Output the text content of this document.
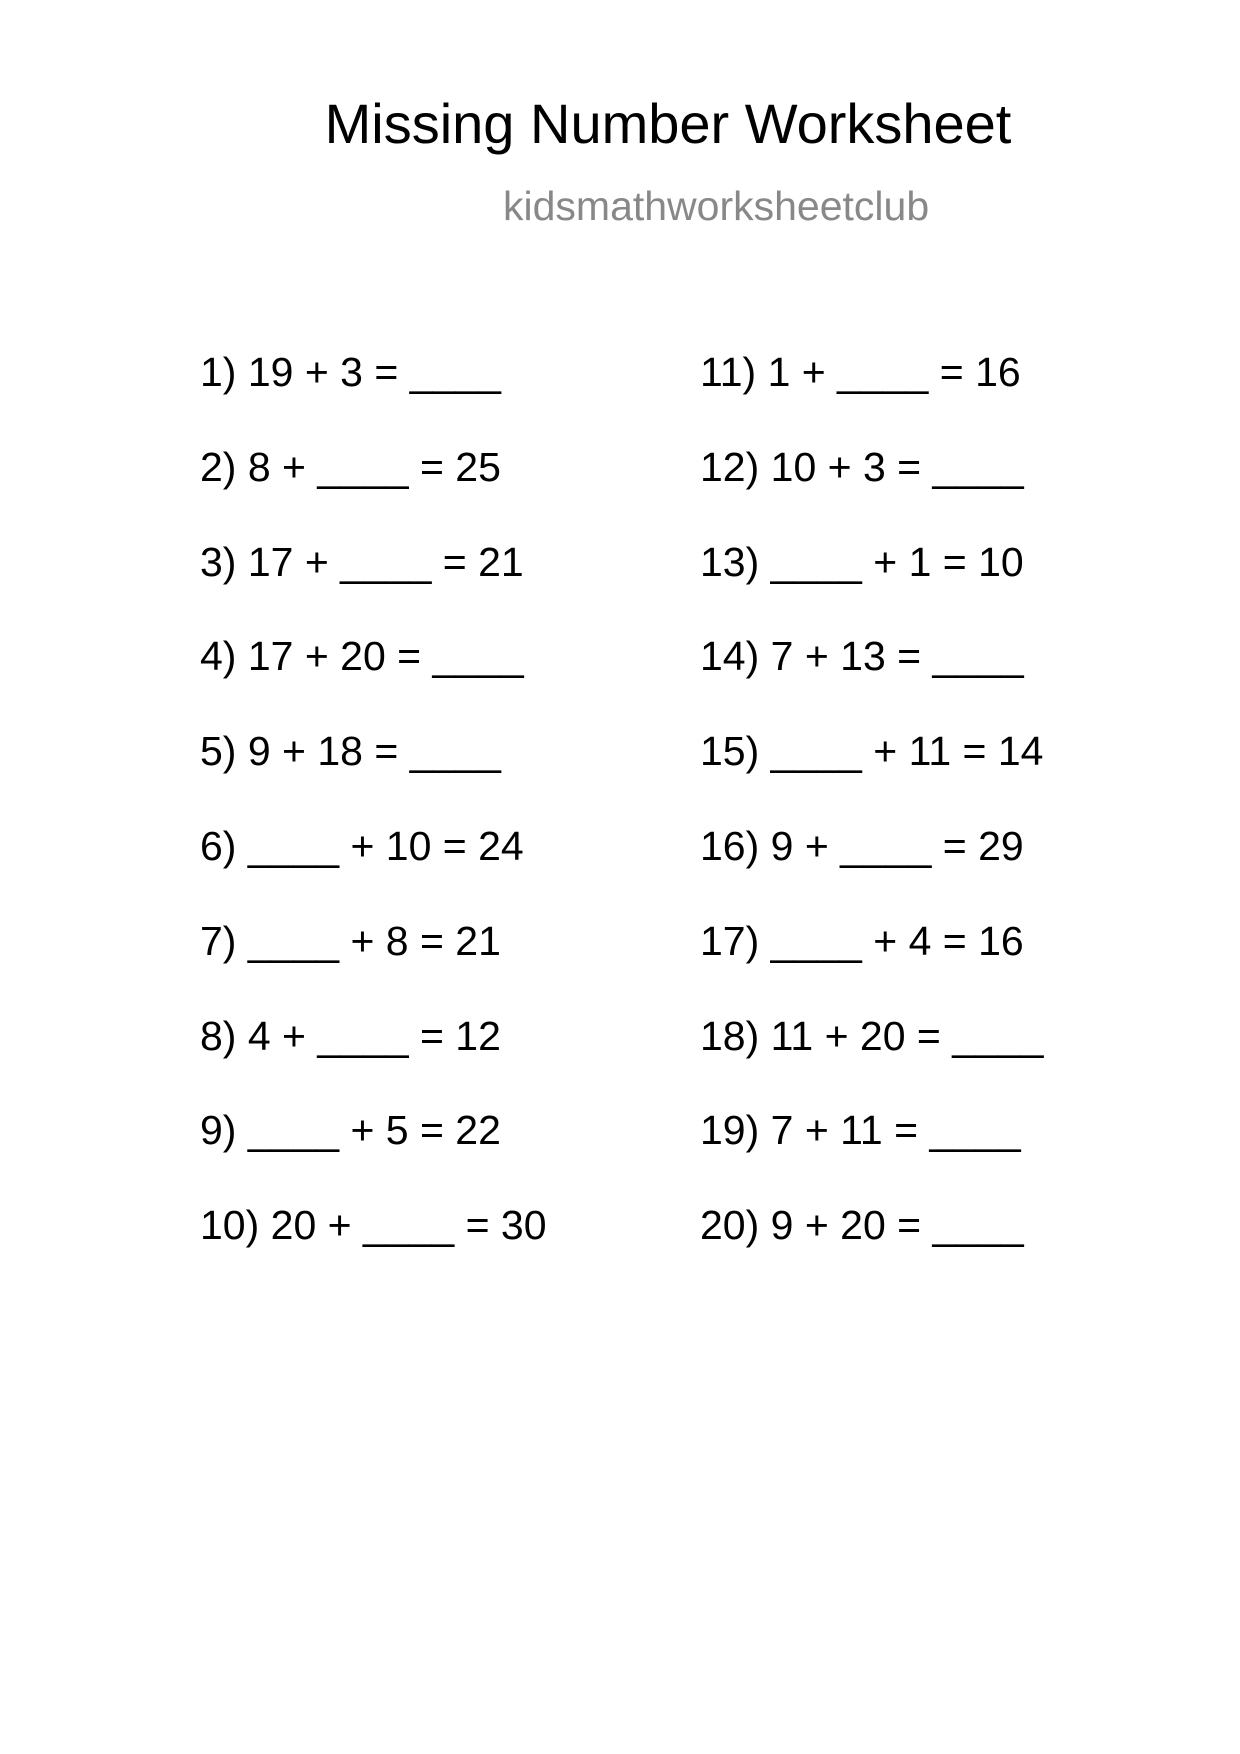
Missing Number Worksheet
kidsmathworksheetclub
1) 19 + 3 = ____
2) 8 + ____ = 25
3) 17 + ____ = 21
4) 17 + 20 = ____
5) 9 + 18 = ____
6) ____ + 10 = 24
7) ____ + 8 = 21
8) 4 + ____ = 12
9) ____ + 5 = 22
10) 20 + ____ = 30
11) 1 + ____ = 16
12) 10 + 3 = ____
13) ____ + 1 = 10
14) 7 + 13 = ____
15) ____ + 11 = 14
16) 9 + ____ = 29
17) ____ + 4 = 16
18) 11 + 20 = ____
19) 7 + 11 = ____
20) 9 + 20 = ____
